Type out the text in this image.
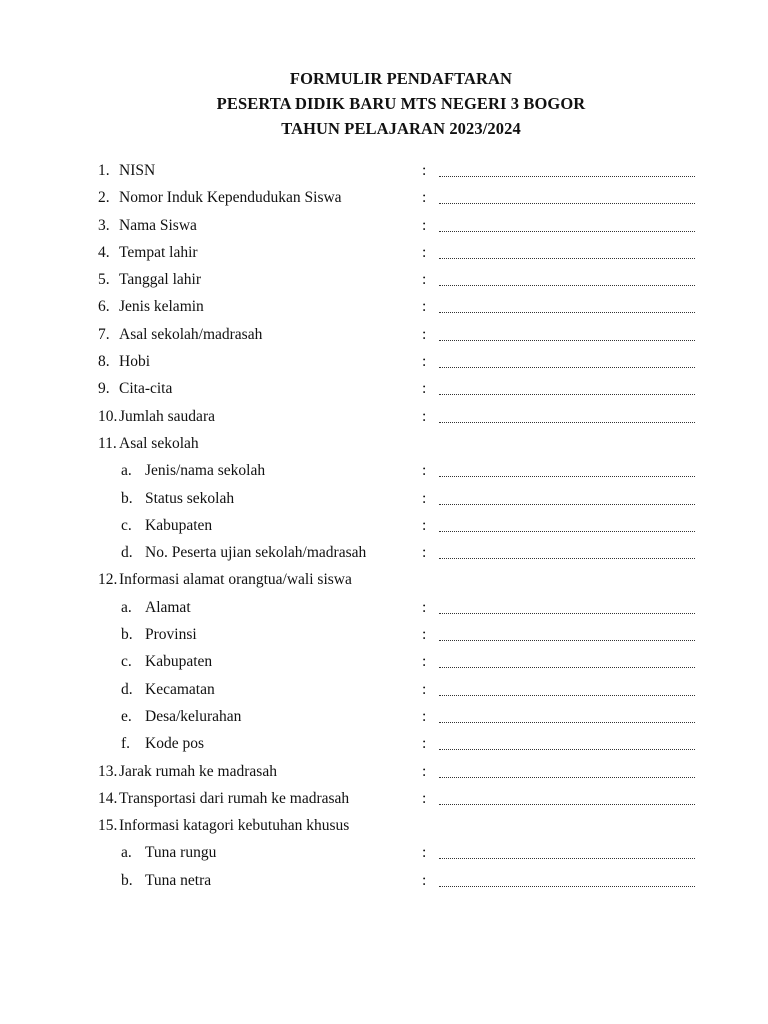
FORMULIR PENDAFTARAN
PESERTA DIDIK BARU MTS NEGERI 3 BOGOR
TAHUN PELAJARAN 2023/2024
1. NISN	:
2. Nomor Induk Kependudukan Siswa	:
3. Nama Siswa	:
4. Tempat lahir	:
5. Tanggal lahir	:
6. Jenis kelamin	:
7. Asal sekolah/madrasah	:
8. Hobi	:
9. Cita-cita	:
10. Jumlah saudara	:
11. Asal sekolah
a. Jenis/nama sekolah	:
b. Status sekolah	:
c. Kabupaten	:
d. No. Peserta ujian sekolah/madrasah	:
12. Informasi alamat orangtua/wali siswa
a. Alamat	:
b. Provinsi	:
c. Kabupaten	:
d. Kecamatan	:
e. Desa/kelurahan	:
f. Kode pos	:
13. Jarak rumah ke madrasah	:
14. Transportasi dari rumah ke madrasah	:
15. Informasi katagori kebutuhan khusus
a. Tuna rungu	:
b. Tuna netra	:
